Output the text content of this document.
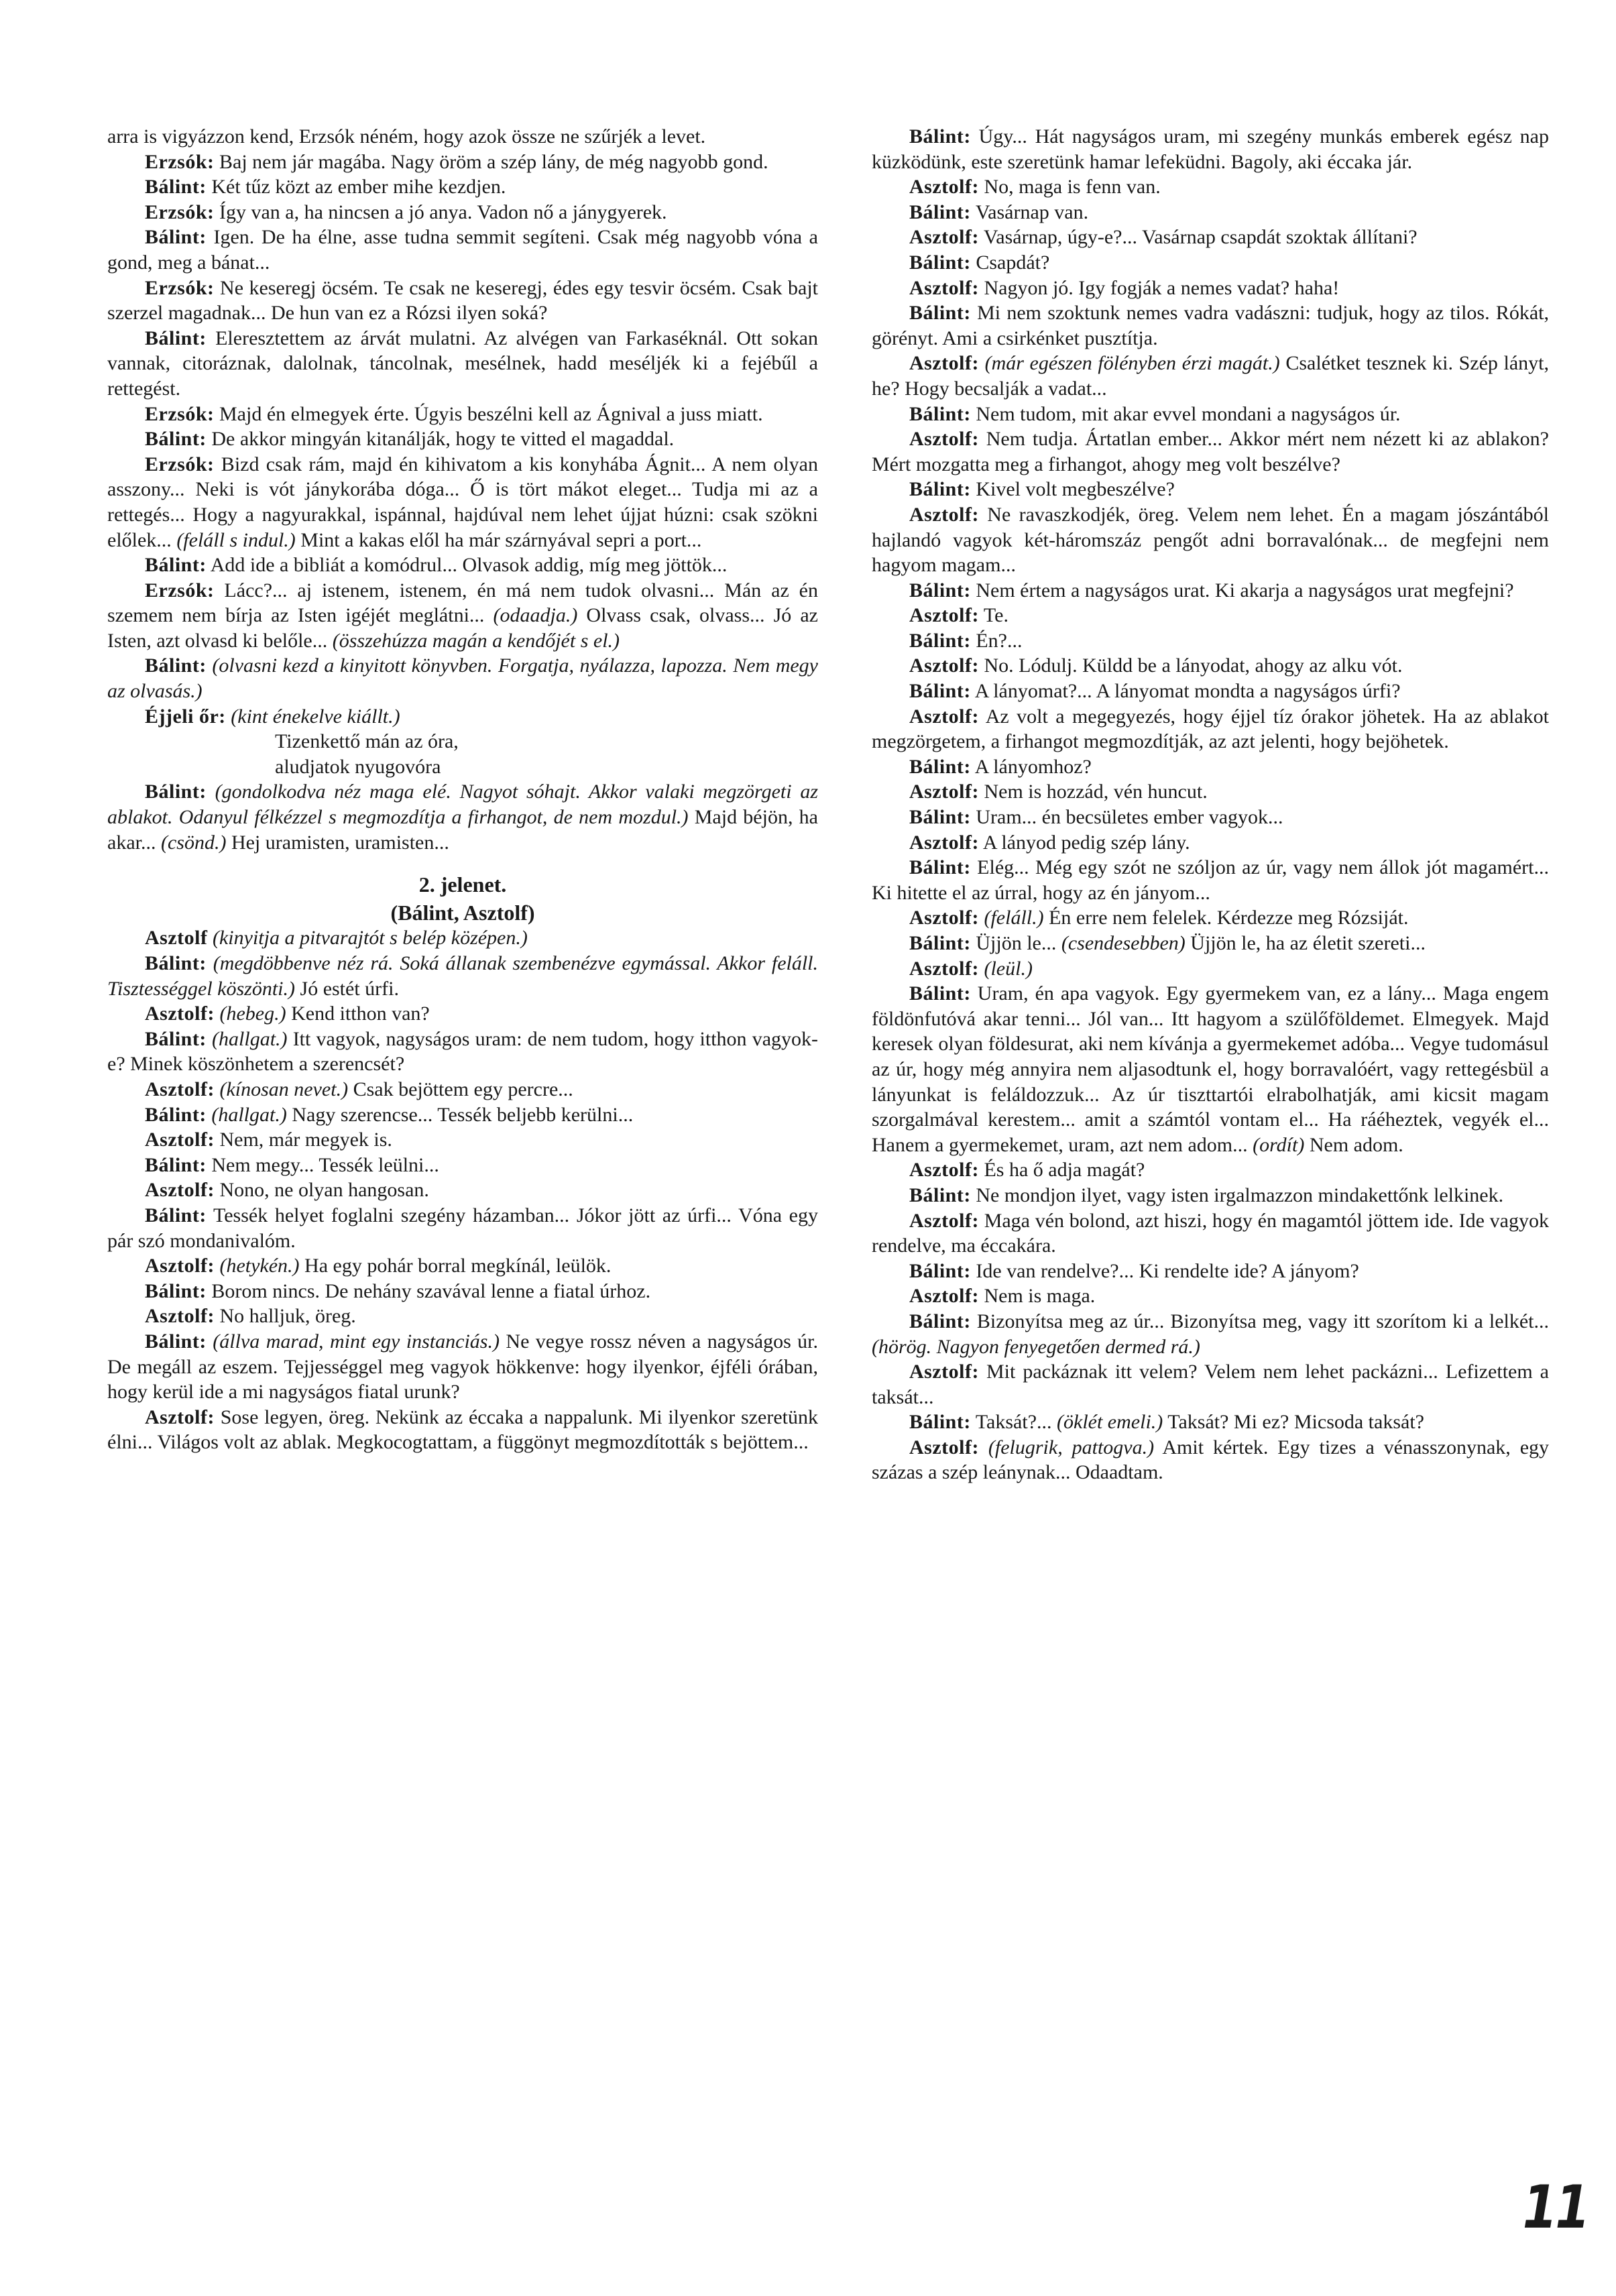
arra is vigyázzon kend, Erzsók néném, hogy azok össze ne szűrjék a levet.

Erzsók: Baj nem jár magába. Nagy öröm a szép lány, de még nagyobb gond.

Bálint: Két tűz közt az ember mihe kezdjen.

Erzsók: Így van a, ha nincsen a jó anya. Vadon nő a jánygyerek.

Bálint: Igen. De ha élne, asse tudna semmit segíteni. Csak még nagyobb vóna a gond, meg a bánat...

Erzsók: Ne keseregj öcsém. Te csak ne keseregj, édes egy tesvir öcsém. Csak bajt szerzel magadnak... De hun van ez a Rózsi ilyen soká?

Bálint: Eleresztettem az árvát mulatni. Az alvégen van Farkaséknál. Ott sokan vannak, citoráznak, dalolnak, táncolnak, mesélnek, hadd meséljék ki a fejébűl a rettegést.

Erzsók: Majd én elmegyek érte. Úgyis beszélni kell az Ágnival a juss miatt.

Bálint: De akkor mingyán kitanálják, hogy te vitted el magaddal.

Erzsók: Bizd csak rám, majd én kihivatom a kis konyhába Ágnit... A nem olyan asszony... Neki is vót jánykorába dóga... Ő is tört mákot eleget... Tudja mi az a rettegés... Hogy a nagyurakkal, ispánnal, hajdúval nem lehet újjat húzni: csak szökni előlek... (feláll s indul.) Mint a kakas elől ha már szárnyával sepri a port...

Bálint: Add ide a bibliát a komódrul... Olvasok addig, míg meg jöttök...

Erzsók: Lácc?... aj istenem, istenem, én má nem tudok olvasni... Mán az én szemem nem bírja az Isten igéjét meglátni... (odaadja.) Olvass csak, olvass... Jó az Isten, azt olvasd ki belőle... (összehúzza magán a kendőjét s el.)

Bálint: (olvasni kezd a kinyitott könyvben. Forgatja, nyálazza, lapozza. Nem megy az olvasás.)

Éjjeli őr: (kint énekelve kiállt.)

Tizenkettő mán az óra,
aludjatok nyugovóra

Bálint: (gondolkodva néz maga elé. Nagyot sóhajt. Akkor valaki megzörgeti az ablakot. Odanyul félkézzel s megmozdítja a firhangot, de nem mozdul.) Majd béjön, ha akar... (csönd.) Hej uramisten, uramisten...

2. jelenet.
(Bálint, Asztolf)

Asztolf (kinyitja a pitvarajtót s belép középen.)

Bálint: (megdöbbenve néz rá. Soká állanak szembenézve egymással. Akkor feláll. Tisztességgel köszönti.) Jó estét úrfi.

Asztolf: (hebeg.) Kend itthon van?

Bálint: (hallgat.) Itt vagyok, nagyságos uram: de nem tudom, hogy itthon vagyok-e? Minek köszönhetem a szerencsét?

Asztolf: (kínosan nevet.) Csak bejöttem egy percre...

Bálint: (hallgat.) Nagy szerencse... Tessék beljebb kerülni...

Asztolf: Nem, már megyek is.

Bálint: Nem megy... Tessék leülni...

Asztolf: Nono, ne olyan hangosan.

Bálint: Tessék helyet foglalni szegény házamban... Jókor jött az úrfi... Vóna egy pár szó mondanivalóm.

Asztolf: (hetykén.) Ha egy pohár borral megkínál, leülök.

Bálint: Borom nincs. De nehány szavával lenne a fiatal úrhoz.

Asztolf: No halljuk, öreg.

Bálint: (állva marad, mint egy instanciás.) Ne vegye rossz néven a nagyságos úr. De megáll az eszem. Tejjességgel meg vagyok hökkenve: hogy ilyenkor, éjféli órában, hogy kerül ide a mi nagyságos fiatal urunk?

Asztolf: Sose legyen, öreg. Nekünk az éccaka a nappalunk. Mi ilyenkor szeretünk élni... Világos volt az ablak. Megkocogtattam, a függönyt megmozdították s bejöttem...

Bálint: Úgy... Hát nagyságos uram, mi szegény munkás emberek egész nap küzködünk, este szeretünk hamar lefeküdni. Bagoly, aki éccaka jár.

Asztolf: No, maga is fenn van.

Bálint: Vasárnap van.

Asztolf: Vasárnap, úgy-e?... Vasárnap csapdát szoktak állítani?

Bálint: Csapdát?

Asztolf: Nagyon jó. Igy fogják a nemes vadat? haha!

Bálint: Mi nem szoktunk nemes vadra vadászni: tudjuk, hogy az tilos. Rókát, görényt. Ami a csirkénket pusztítja.

Asztolf: (már egészen fölényben érzi magát.) Csalétket tesznek ki. Szép lányt, he? Hogy becsalják a vadat...

Bálint: Nem tudom, mit akar evvel mondani a nagyságos úr.

Asztolf: Nem tudja. Ártatlan ember... Akkor mért nem nézett ki az ablakon? Mért mozgatta meg a firhangot, ahogy meg volt beszélve?

Bálint: Kivel volt megbeszélve?

Asztolf: Ne ravaszkodjék, öreg. Velem nem lehet. Én a magam jószántából hajlandó vagyok két-háromszáz pengőt adni borravalónak... de megfejni nem hagyom magam...

Bálint: Nem értem a nagyságos urat. Ki akarja a nagyságos urat megfejni?

Asztolf: Te.

Bálint: Én?...

Asztolf: No. Lódulj. Küldd be a lányodat, ahogy az alku vót.

Bálint: A lányomat?... A lányomat mondta a nagyságos úrfi?

Asztolf: Az volt a megegyezés, hogy éjjel tíz órakor jöhetek. Ha az ablakot megzörgetem, a firhangot megmozdítják, az azt jelenti, hogy bejöhetek.

Bálint: A lányomhoz?

Asztolf: Nem is hozzád, vén huncut.

Bálint: Uram... én becsületes ember vagyok...

Asztolf: A lányod pedig szép lány.

Bálint: Elég... Még egy szót ne szóljon az úr, vagy nem állok jót magamért... Ki hitette el az úrral, hogy az én jányom...

Asztolf: (feláll.) Én erre nem felelek. Kérdezze meg Rózsiját.

Bálint: Üjjön le... (csendesebben) Üjjön le, ha az életit szereti...

Asztolf: (leül.)

Bálint: Uram, én apa vagyok. Egy gyermekem van, ez a lány... Maga engem földönfutóvá akar tenni... Jól van... Itt hagyom a szülőföldemet. Elmegyek. Majd keresek olyan földesurat, aki nem kívánja a gyermekemet adóba... Vegye tudomásul az úr, hogy még annyira nem aljasodtunk el, hogy borravalóért, vagy rettegésbül a lányunkat is feláldozzuk... Az úr tiszttartói elrabolhatják, ami kicsit magam szorgalmával kerestem... amit a számtól vontam el... Ha ráéheztek, vegyék el... Hanem a gyermekemet, uram, azt nem adom... (ordít) Nem adom.

Asztolf: És ha ő adja magát?

Bálint: Ne mondjon ilyet, vagy isten irgalmazzon mindakettőnk lelkinek.

Asztolf: Maga vén bolond, azt hiszi, hogy én magamtól jöttem ide. Ide vagyok rendelve, ma éccakára.

Bálint: Ide van rendelve?... Ki rendelte ide? A jányom?

Asztolf: Nem is maga.

Bálint: Bizonyítsa meg az úr... Bizonyítsa meg, vagy itt szorítom ki a lelkét... (hörög. Nagyon fenyegetően dermed rá.)

Asztolf: Mit packáznak itt velem? Velem nem lehet packázni... Lefizettem a taksát...

Bálint: Taksát?... (öklét emeli.) Taksát? Mi ez? Micsoda taksát?

Asztolf: (felugrik, pattogva.) Amit kértek. Egy tizes a vénasszonynak, egy százas a szép leánynak... Odaadtam.

11
